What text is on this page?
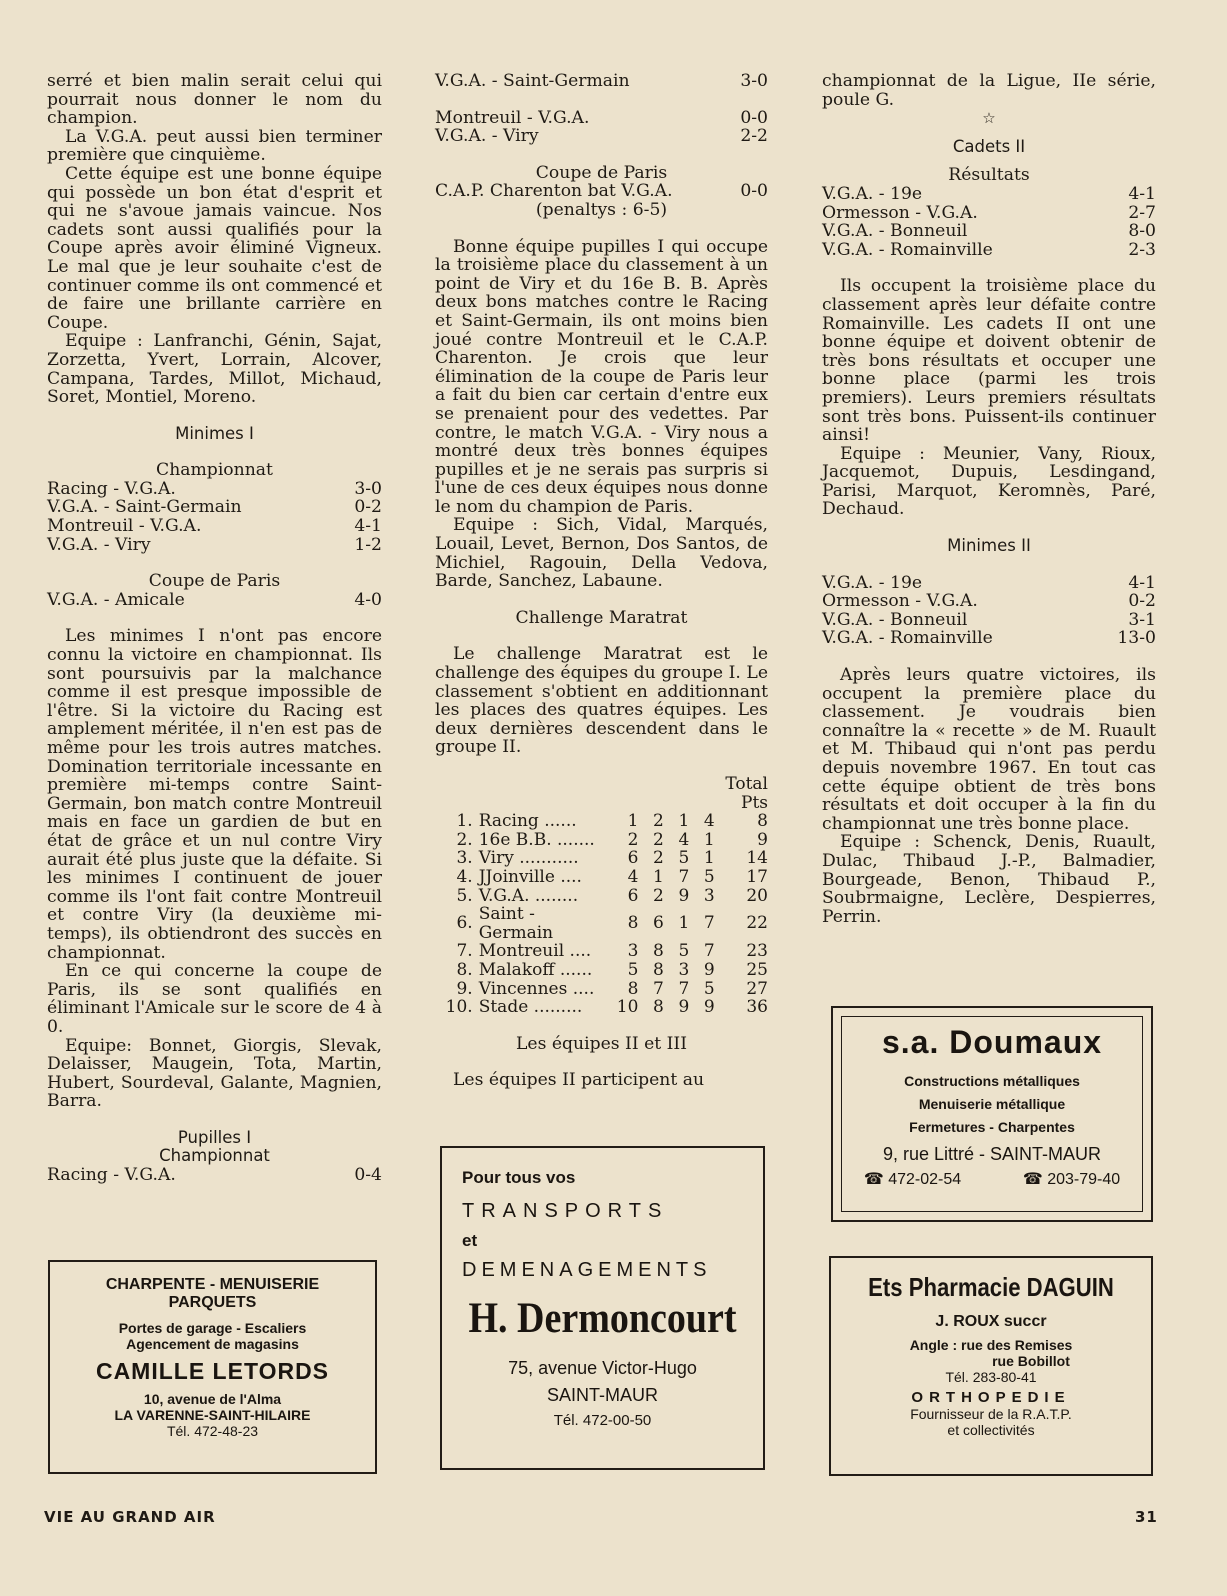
serré et bien malin serait celui qui pourrait nous donner le nom du champion.

La V.G.A. peut aussi bien terminer première que cinquième.

Cette équipe est une bonne équipe qui possède un bon état d'esprit et qui ne s'avoue jamais vaincue. Nos cadets sont aussi qualifiés pour la Coupe après avoir éliminé Vigneux. Le mal que je leur souhaite c'est de continuer comme ils ont commencé et de faire une brillante carrière en Coupe.

Equipe : Lanfranchi, Génin, Sajat, Zorzetta, Yvert, Lorrain, Alcover, Campana, Tardes, Millot, Michaud, Soret, Montiel, Moreno.

Minimes I
Championnat
Racing - V.G.A.	3-0
V.G.A. - Saint-Germain	0-2
Montreuil - V.G.A.	4-1
V.G.A. - Viry	1-2
Coupe de Paris
V.G.A. - Amicale	4-0

Les minimes I n'ont pas encore connu la victoire en championnat. Ils sont poursuivis par la malchance comme il est presque impossible de l'être. Si la victoire du Racing est amplement méritée, il n'en est pas de même pour les trois autres matches. Domination territoriale incessante en première mi-temps contre Saint-Germain, bon match contre Montreuil mais en face un gardien de but en état de grâce et un nul contre Viry aurait été plus juste que la défaite. Si les minimes I continuent de jouer comme ils l'ont fait contre Montreuil et contre Viry (la deuxième mi-temps), ils obtiendront des succès en championnat.

En ce qui concerne la coupe de Paris, ils se sont qualifiés en éliminant l'Amicale sur le score de 4 à 0.

Equipe: Bonnet, Giorgis, Slevak, Delaisser, Maugein, Tota, Martin, Hubert, Sourdeval, Galante, Magnien, Barra.

Pupilles I
Championnat
Racing - V.G.A.	0-4
V.G.A. - Saint-Germain	3-0
Montreuil - V.G.A.	0-0
V.G.A. - Viry	2-2
Coupe de Paris
C.A.P. Charenton bat V.G.A.	0-0
(penaltys : 6-5)

Bonne équipe pupilles I qui occupe la troisième place du classement à un point de Viry et du 16e B. B. Après deux bons matches contre le Racing et Saint-Germain, ils ont moins bien joué contre Montreuil et le C.A.P. Charenton. Je crois que leur élimination de la coupe de Paris leur a fait du bien car certain d'entre eux se prenaient pour des vedettes. Par contre, le match V.G.A. - Viry nous a montré deux très bonnes équipes pupilles et je ne serais pas surpris si l'une de ces deux équipes nous donne le nom du champion de Paris.

Equipe : Sich, Vidal, Marqués, Louail, Levet, Bernon, Dos Santos, de Michiel, Ragouin, Della Vedova, Barde, Sanchez, Labaune.

Challenge Maratrat

Le challenge Maratrat est le challenge des équipes du groupe I. Le classement s'obtient en additionnant les places des quatres équipes. Les deux dernières descendent dans le groupe II.

						Total
						Pts
1.	Racing ......	1	2	1	4	8
2.	16e B.B. .......	2	2	4	1	9
3.	Viry ...........	6	2	5	1	14
4.	JJoinville ....	4	1	7	5	17
5.	V.G.A. ........	6	2	9	3	20
6.	Saint - Germain	8	6	1	7	22
7.	Montreuil ....	3	8	5	7	23
8.	Malakoff ......	5	8	3	9	25
9.	Vincennes ....	8	7	7	5	27
10.	Stade .........	10	8	9	9	36
Les équipes II et III

Les équipes II participent au

championnat de la Ligue, IIe série, poule G.

☆
Cadets II
Résultats
V.G.A. - 19e	4-1
Ormesson - V.G.A.	2-7
V.G.A. - Bonneuil	8-0
V.G.A. - Romainville	2-3

Ils occupent la troisième place du classement après leur défaite contre Romainville. Les cadets II ont une bonne équipe et doivent obtenir de très bons résultats et occuper une bonne place (parmi les trois premiers). Leurs premiers résultats sont très bons. Puissent-ils continuer ainsi!

Equipe : Meunier, Vany, Rioux, Jacquemot, Dupuis, Lesdingand, Parisi, Marquot, Keromnès, Paré, Dechaud.

Minimes II
V.G.A. - 19e	4-1
Ormesson - V.G.A.	0-2
V.G.A. - Bonneuil	3-1
V.G.A. - Romainville	13-0

Après leurs quatre victoires, ils occupent la première place du classement. Je voudrais bien connaître la « recette » de M. Ruault et M. Thibaud qui n'ont pas perdu depuis novembre 1967. En tout cas cette équipe obtient de très bons résultats et doit occuper à la fin du championnat une très bonne place.

Equipe : Schenck, Denis, Ruault, Dulac, Thibaud J.-P., Balmadier, Bourgeade, Benon, Thibaud P., Soubrmaigne, Leclère, Despierres, Perrin.

CHARPENTE - MENUISERIE
PARQUETS
Portes de garage - Escaliers
Agencement de magasins
CAMILLE LETORDS
10, avenue de l'Alma
LA VARENNE-SAINT-HILAIRE
Tél. 472-48-23
Pour tous vos
TRANSPORTS
et
DEMENAGEMENTS
H. Dermoncourt
75, avenue Victor-Hugo
SAINT-MAUR
Tél. 472-00-50
s.a. Doumaux
Constructions métalliques
Menuiserie métallique
Fermetures - Charpentes
9, rue Littré - SAINT-MAUR
☎ 472-02-54	☎ 203-79-40
Ets Pharmacie DAGUIN
J. ROUX succr
Angle : rue des Remises
rue Bobillot
Tél. 283-80-41
ORTHOPEDIE
Fournisseur de la R.A.T.P.
et collectivités
VIE AU GRAND AIR	31
